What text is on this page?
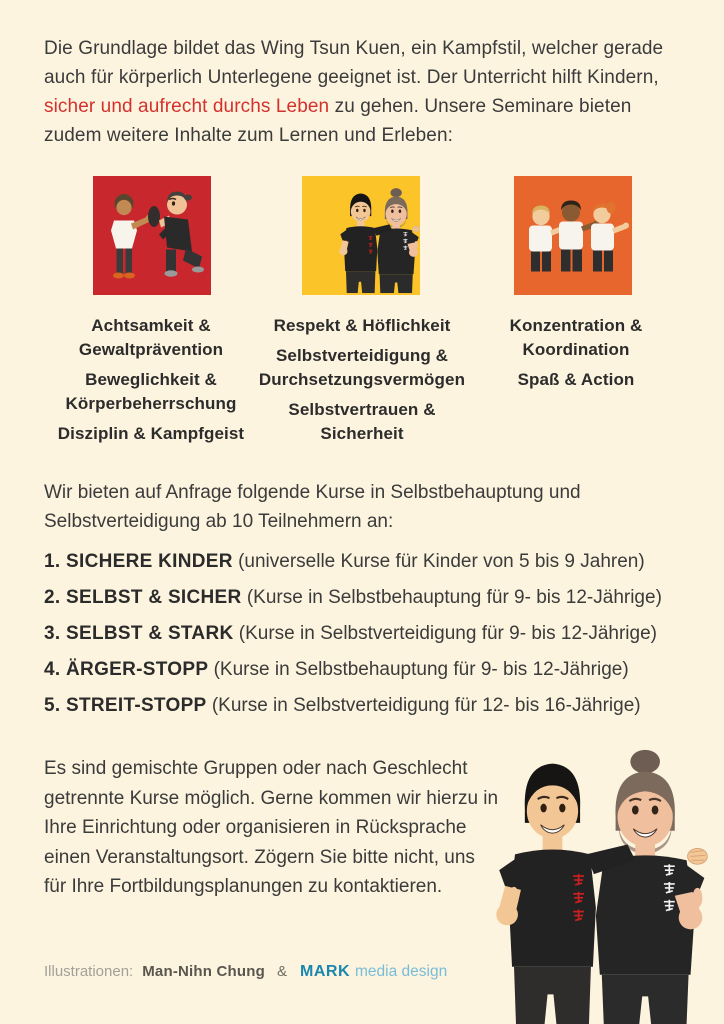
Die Grundlage bildet das Wing Tsun Kuen, ein Kampfstil, welcher gerade auch für körperlich Unterlegene geeignet ist. Der Unterricht hilft Kindern, sicher und aufrecht durchs Leben zu gehen. Unsere Seminare bieten zudem weitere Inhalte zum Lernen und Erleben:

Achtsamkeit & Gewaltprävention
Beweglichkeit & Körperbeherrschung
Disziplin & Kampfgeist
Respekt & Höflichkeit
Selbstverteidigung & Durchsetzungsvermögen
Selbstvertrauen & Sicherheit
Konzentration & Koordination
Spaß & Action

Wir bieten auf Anfrage folgende Kurse in Selbstbehauptung und Selbstverteidigung ab 10 Teilnehmern an:

1. SICHERE KINDER (universelle Kurse für Kinder von 5 bis 9 Jahren)
2. SELBST & SICHER (Kurse in Selbstbehauptung für 9- bis 12-Jährige)
3. SELBST & STARK (Kurse in Selbstverteidigung für 9- bis 12-Jährige)
4. ÄRGER-STOPP (Kurse in Selbstbehauptung für 9- bis 12-Jährige)
5. STREIT-STOPP (Kurse in Selbstverteidigung für 12- bis 16-Jährige)

Es sind gemischte Gruppen oder nach Geschlecht getrennte Kurse möglich. Gerne kommen wir hierzu in Ihre Einrichtung oder organisieren in Rücksprache einen Veranstaltungsort. Zögern Sie bitte nicht, uns für Ihre Fortbildungsplanungen zu kontaktieren.

Illustrationen: Man-Nihn Chung & MARK media design
